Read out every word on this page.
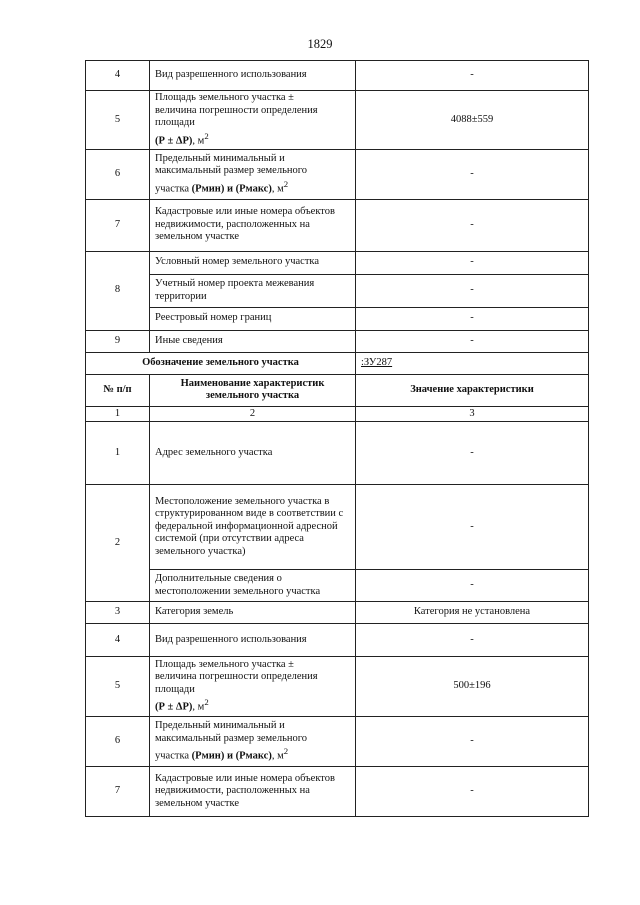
1829
4	Вид разрешенного использования	-
5	Площадь земельного участка ±
величина погрешности определения
площади
(Р ± ΔР), $м^2$	4088±559
6	Предельный минимальный и
максимальный размер земельного
участка (Рмин) и (Рмакс), $м^2$	-
7	Кадастровые или иные номера объектов недвижимости, расположенных на земельном участке	-
8	Условный номер земельного участка	-
	Учетный номер проекта межевания территории	-
	Реестровый номер границ	-
9	Иные сведения	-
Обозначение земельного участка		:ЗУ287
№ п/п	Наименование характеристик земельного участка	Значение характеристики
1	2	3
1	Адрес земельного участка	-
2	Местоположение земельного участка в структурированном виде в соответствии с федеральной информационной адресной системой (при отсутствии адреса земельного участка)	-
	Дополнительные сведения о местоположении земельного участка	-
3	Категория земель	Категория не установлена
4	Вид разрешенного использования	-
5	Площадь земельного участка ±
величина погрешности определения
площади
(Р ± ΔР), $м^2$	500±196
6	Предельный минимальный и
максимальный размер земельного
участка (Рмин) и (Рмакс), $м^2$	-
7	Кадастровые или иные номера объектов недвижимости, расположенных на земельном участке	-
